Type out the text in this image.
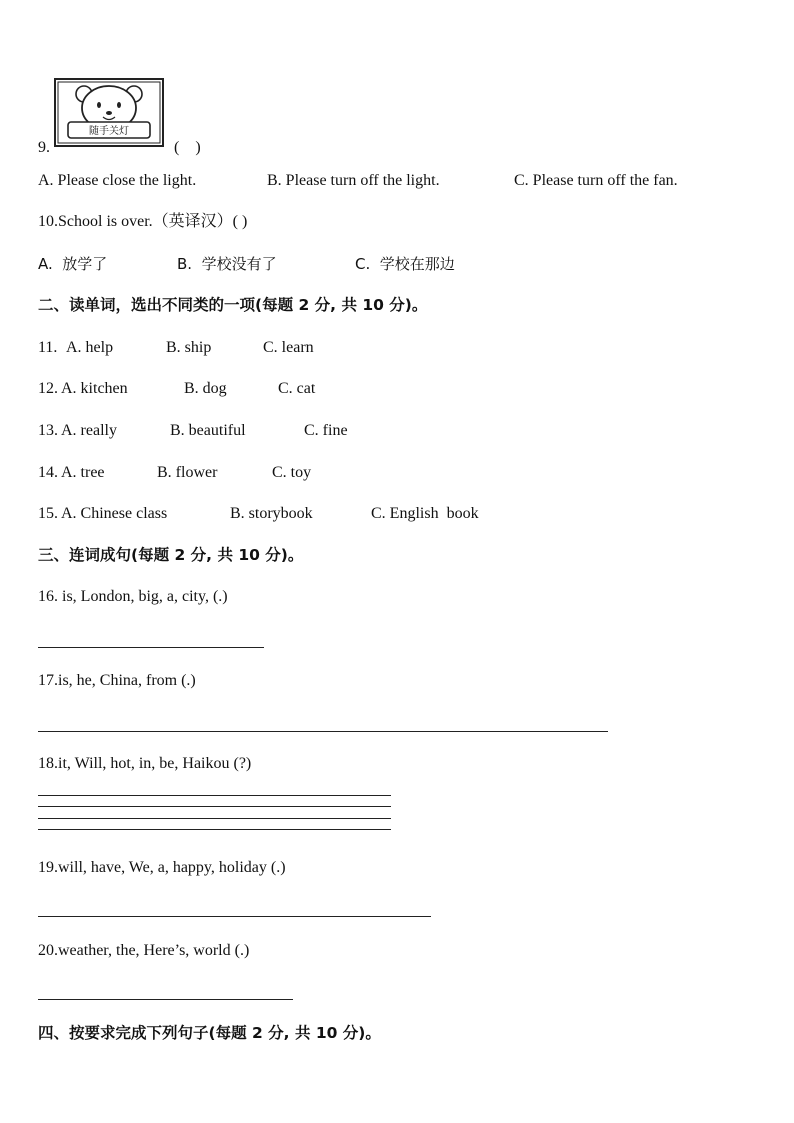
9.
随手关灯
(　)
A. Please close the light.	B. Please turn off the light.	C. Please turn off the fan.
10.School is over.（英译汉）( )
A.  放学了	B.  学校没有了	C.  学校在那边
二、读单词，选出不同类的一项(每题 2 分, 共 10 分)。
11. A. help	B. ship	C. learn
12. A. kitchen	B. dog	C. cat
13. A. really	B. beautiful	C. fine
14. A. tree	B. flower	C. toy
15. A. Chinese class	B. storybook	C. English  book
三、连词成句(每题 2 分, 共 10 分)。
16. is, London, big, a, city, (.)
17.is, he, China, from (.)
18.it, Will, hot, in, be, Haikou (?)
19.will, have, We, a, happy, holiday (.)
20.weather, the, Here’s, world (.)
四、按要求完成下列句子(每题 2 分, 共 10 分)。
